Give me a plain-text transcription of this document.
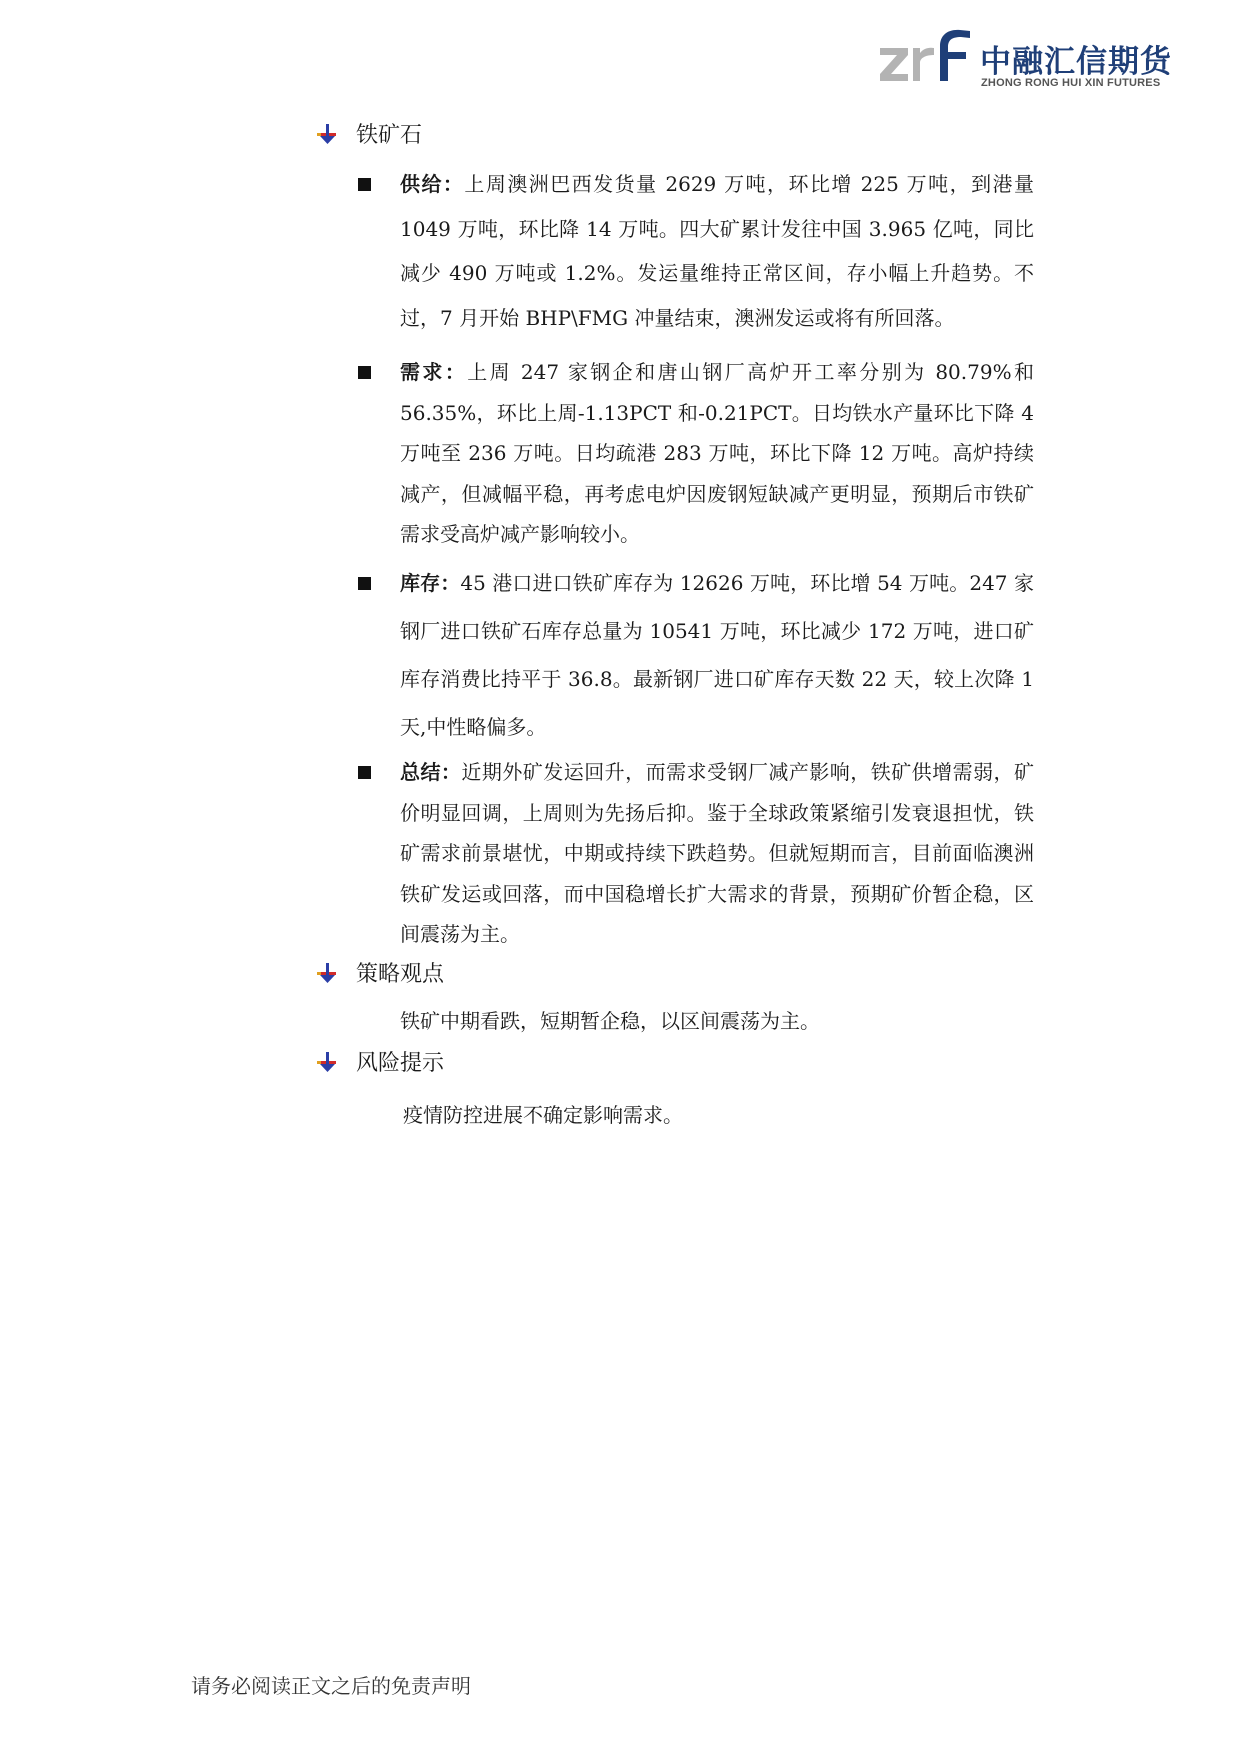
中融汇信期货
ZHONG RONG HUI XIN FUTURES
铁矿石

供给：上周澳洲巴西发货量 2629 万吨，环比增 225 万吨，到港量 1049 万吨，环比降 14 万吨。四大矿累计发往中国 3.965 亿吨，同比减少 490 万吨或 1.2%。发运量维持正常区间，存小幅上升趋势。不过，7 月开始 BHP\FMG 冲量结束，澳洲发运或将有所回落。

需求：上周 247 家钢企和唐山钢厂高炉开工率分别为 80.79%和 56.35%，环比上周-1.13PCT 和-0.21PCT。日均铁水产量环比下降 4 万吨至 236 万吨。日均疏港 283 万吨，环比下降 12 万吨。高炉持续减产，但减幅平稳，再考虑电炉因废钢短缺减产更明显，预期后市铁矿需求受高炉减产影响较小。

库存：45 港口进口铁矿库存为 12626 万吨，环比增 54 万吨。247 家钢厂进口铁矿石库存总量为 10541 万吨，环比减少 172 万吨，进口矿库存消费比持平于 36.8。最新钢厂进口矿库存天数 22 天，较上次降 1 天,中性略偏多。

总结：近期外矿发运回升，而需求受钢厂减产影响，铁矿供增需弱，矿价明显回调，上周则为先扬后抑。鉴于全球政策紧缩引发衰退担忧，铁矿需求前景堪忧，中期或持续下跌趋势。但就短期而言，目前面临澳洲铁矿发运或回落，而中国稳增长扩大需求的背景，预期矿价暂企稳，区间震荡为主。

策略观点
铁矿中期看跌，短期暂企稳，以区间震荡为主。
风险提示
疫情防控进展不确定影响需求。
请务必阅读正文之后的免责声明
